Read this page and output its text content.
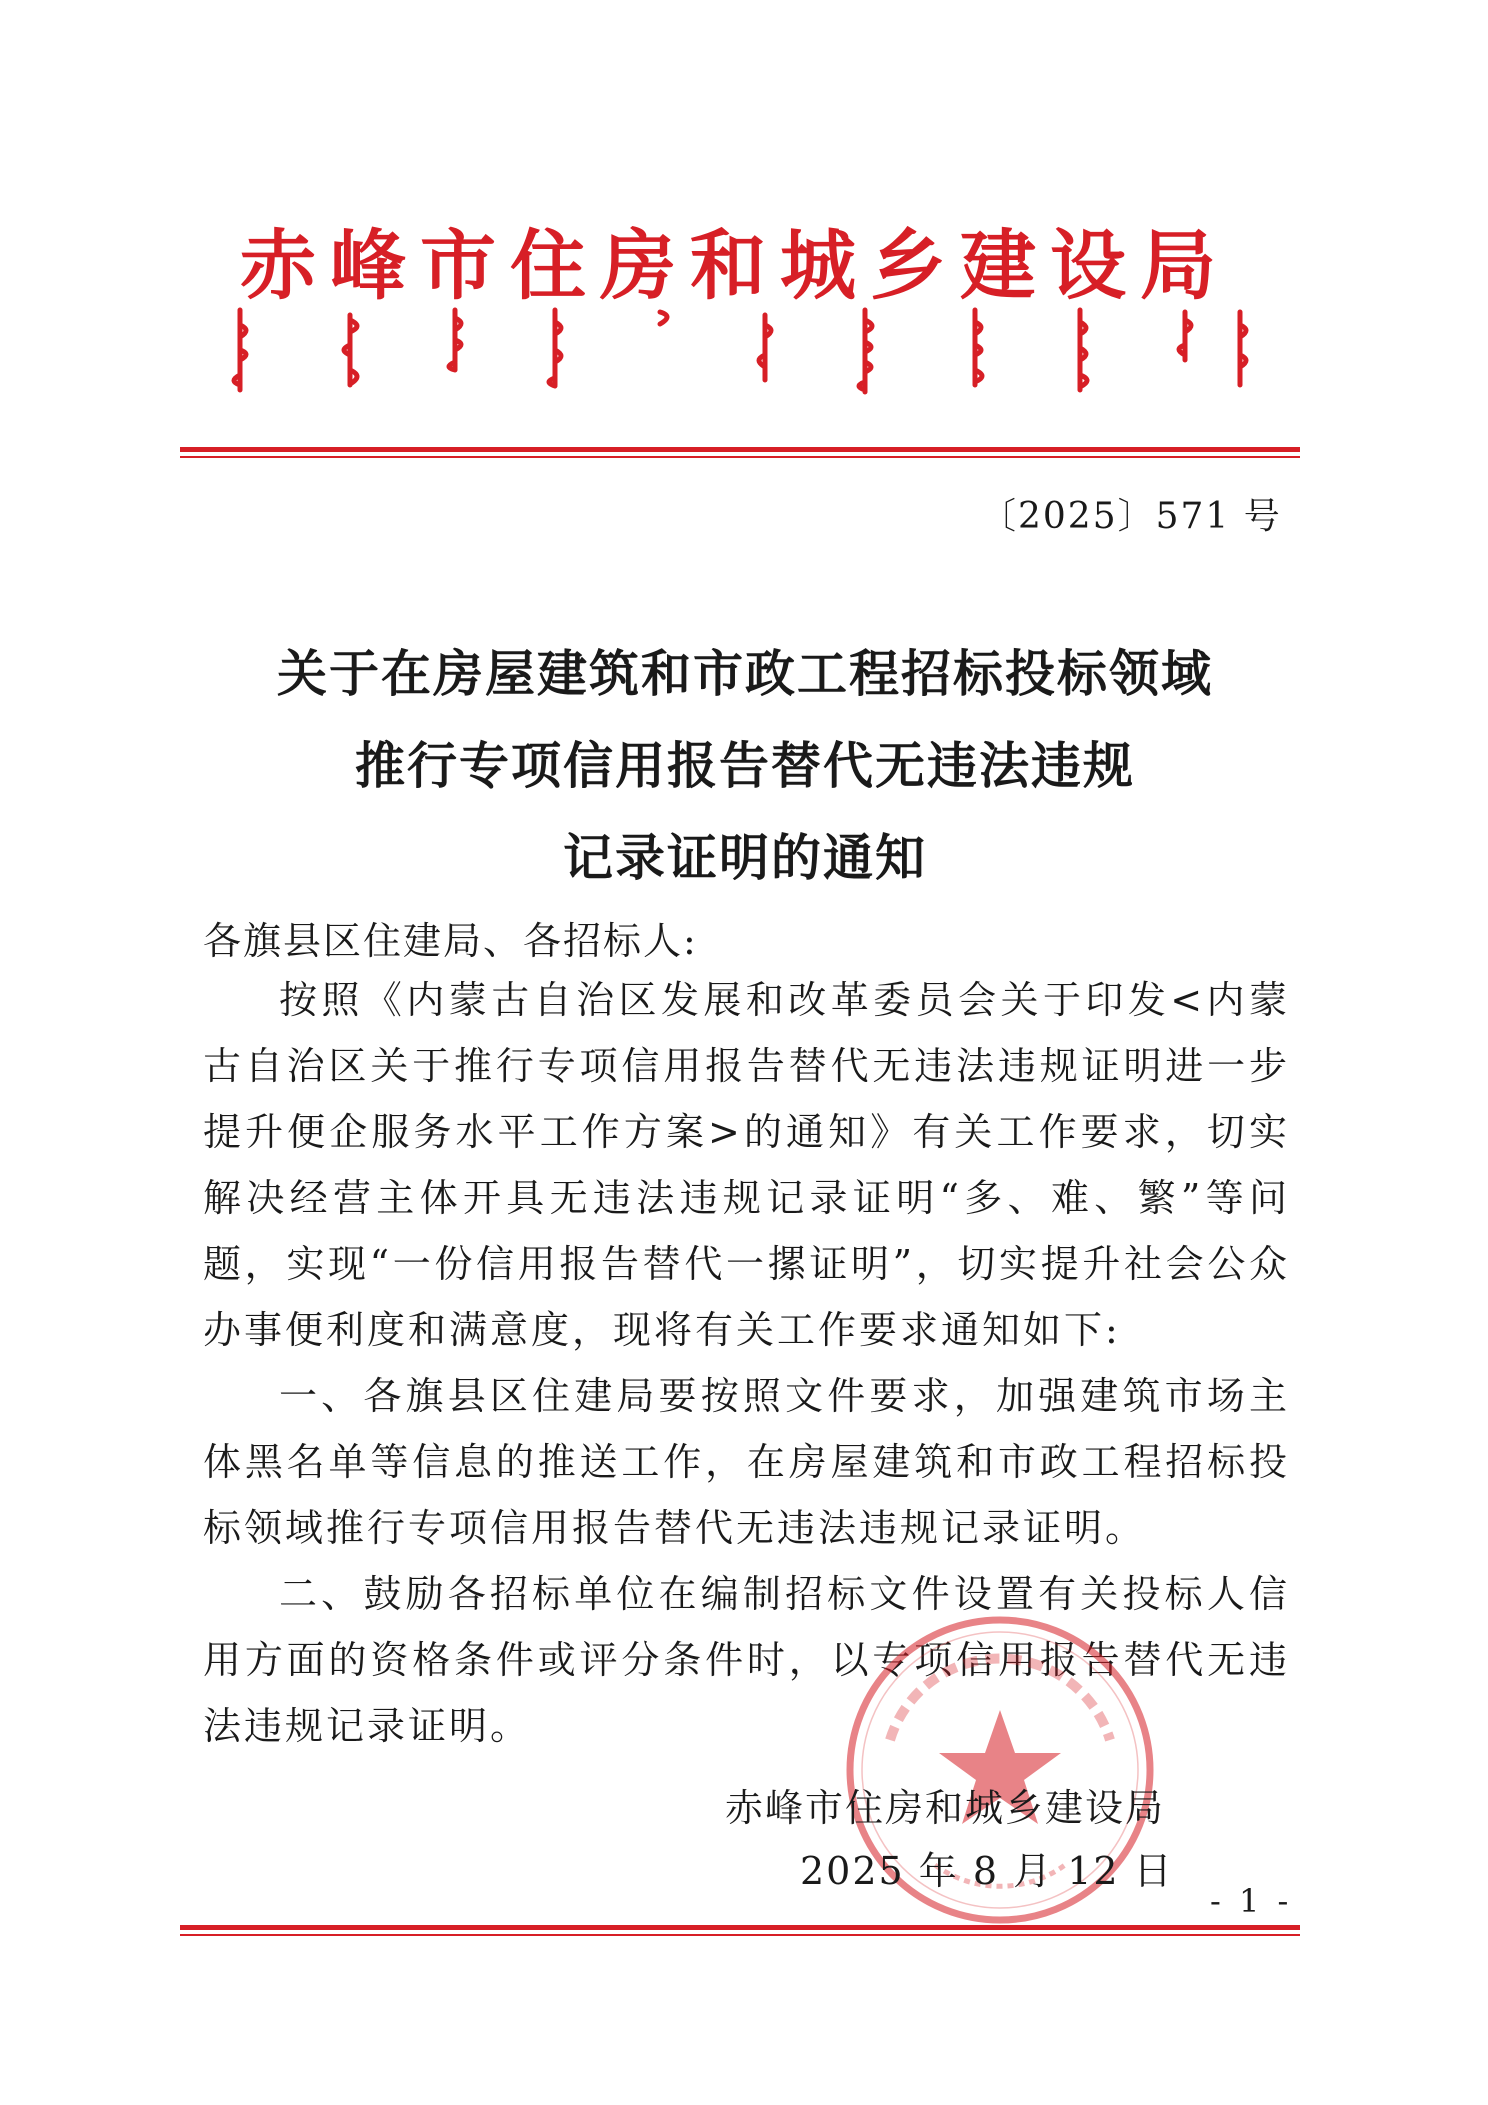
赤峰市住房和城乡建设局
〔2025〕571 号
关于在房屋建筑和市政工程招标投标领域
推行专项信用报告替代无违法违规
记录证明的通知
各旗县区住建局、各招标人:

按照《内蒙古自治区发展和改革委员会关于印发<内蒙古自治区关于推行专项信用报告替代无违法违规证明进一步提升便企服务水平工作方案>的通知》有关工作要求，切实解决经营主体开具无违法违规记录证明“多、难、繁”等问题，实现“一份信用报告替代一摞证明”，切实提升社会公众办事便利度和满意度，现将有关工作要求通知如下:

一、各旗县区住建局要按照文件要求，加强建筑市场主体黑名单等信息的推送工作，在房屋建筑和市政工程招标投标领域推行专项信用报告替代无违法违规记录证明。

二、鼓励各招标单位在编制招标文件设置有关投标人信用方面的资格条件或评分条件时，以专项信用报告替代无违法违规记录证明。

赤峰市住房和城乡建设局
2025 年 8 月 12 日
- 1 -
